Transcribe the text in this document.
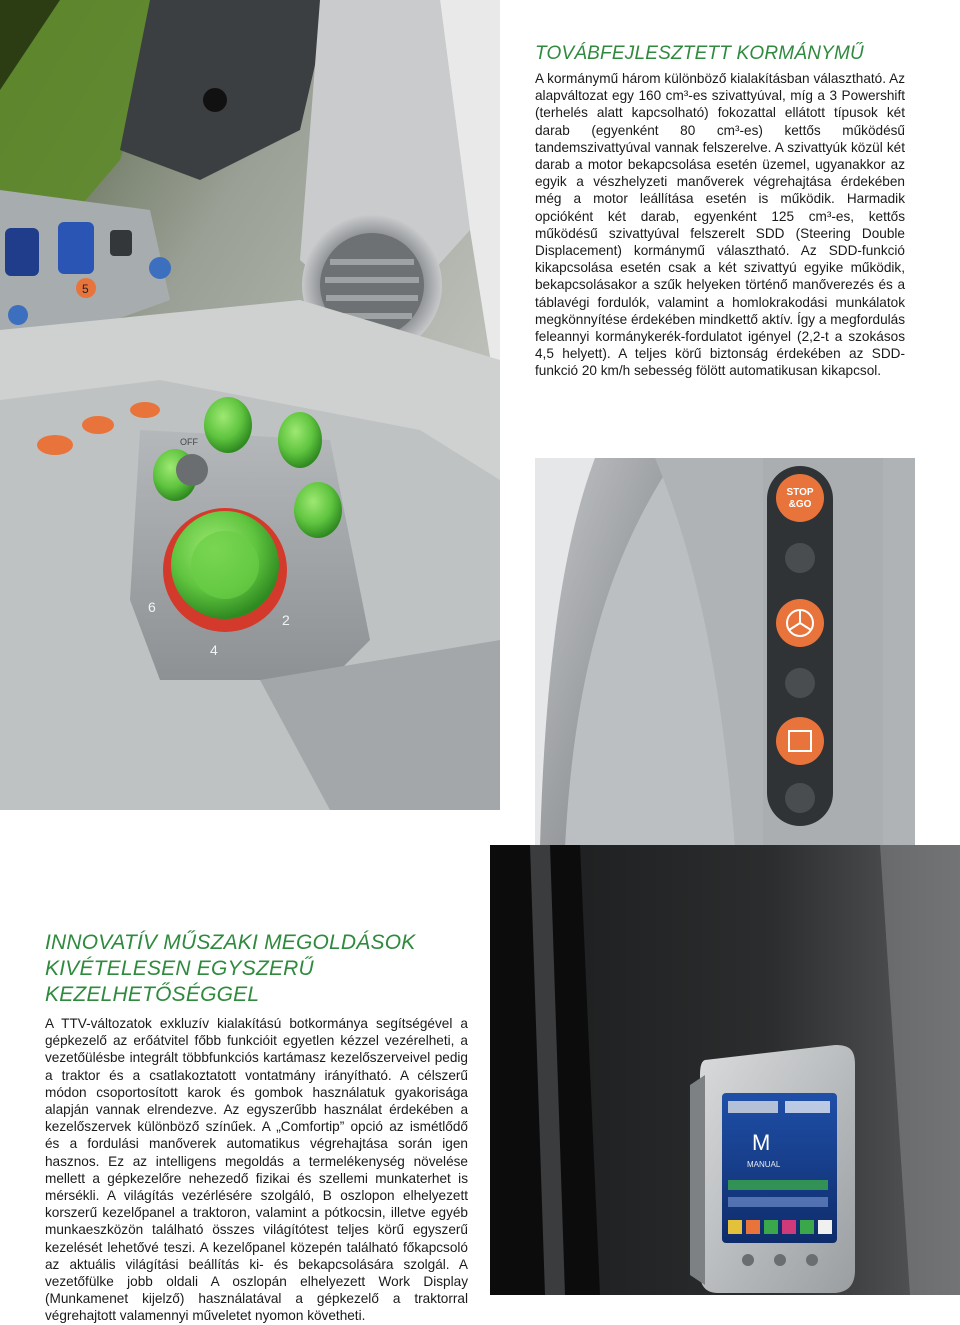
5
OFF
6
4
2
STOP
&GO
M
MANUAL
TOVÁBFEJLESZTETT KORMÁNYMŰ

A kormánymű három különböző kialakításban választható. Az alapváltozat egy 160 cm³-es szivattyúval, míg a 3 Powershift (terhelés alatt kapcsolható) fokozattal ellátott típusok két darab (egyenként 80 cm³-es) kettős működésű tandemszivattyúval vannak felszerelve. A szivattyúk közül két darab a motor bekapcsolása esetén üzemel, ugyanakkor az egyik a vészhelyzeti manőverek végrehajtása érdekében még a motor leállítása esetén is működik. Harmadik opcióként két darab, egyenként 125 cm³-es, kettős működésű szivattyúval felszerelt SDD (Steering Double Displacement) kormánymű választható. Az SDD-funkció kikapcsolása esetén csak a két szivattyú egyike működik, bekapcsolásakor a szűk helyeken történő manőverezés és a táblavégi fordulók, valamint a homlokrakodási munkálatok megkönnyítése érdekében mindkettő aktív. Így a megfordulás feleannyi kormánykerék-fordulatot igényel (2,2-t a szokásos 4,5 helyett). A teljes körű biztonság érdekében az SDD-funkció 20 km/h sebesség fölött automatikusan kikapcsol.

INNOVATÍV MŰSZAKI MEGOLDÁSOK
KIVÉTELESEN EGYSZERŰ KEZELHETŐSÉGGEL

A TTV-változatok exkluzív kialakítású botkormánya segítségével a gépkezelő az erőátvitel főbb funkcióit egyetlen kézzel vezérelheti, a vezetőülésbe integrált többfunkciós kartámasz kezelőszerveivel pedig a traktor és a csatlakoztatott vontatmány irányítható. A célszerű módon csoportosított karok és gombok használatuk gyakorisága alapján vannak elrendezve. Az egyszerűbb használat érdekében a kezelőszervek különböző színűek. A „Comfortip” opció az ismétlődő és a fordulási manőverek automatikus végrehajtása során igen hasznos. Ez az intelligens megoldás a termelékenység növelése mellett a gépkezelőre nehezedő fizikai és szellemi munkaterhet is mérsékli. A világítás vezérlésére szolgáló, B oszlopon elhelyezett korszerű kezelőpanel a traktoron, valamint a pótkocsin, illetve egyéb munkaeszközön található összes világítótest teljes körű egyszerű kezelését lehetővé teszi. A kezelőpanel közepén található főkapcsoló az aktuális világítási beállítás ki- és bekapcsolására szolgál. A vezetőfülke jobb oldali A oszlopán elhelyezett Work Display (Munkamenet kijelző) használatával a gépkezelő a traktorral végrehajtott valamennyi műveletet nyomon követheti.
